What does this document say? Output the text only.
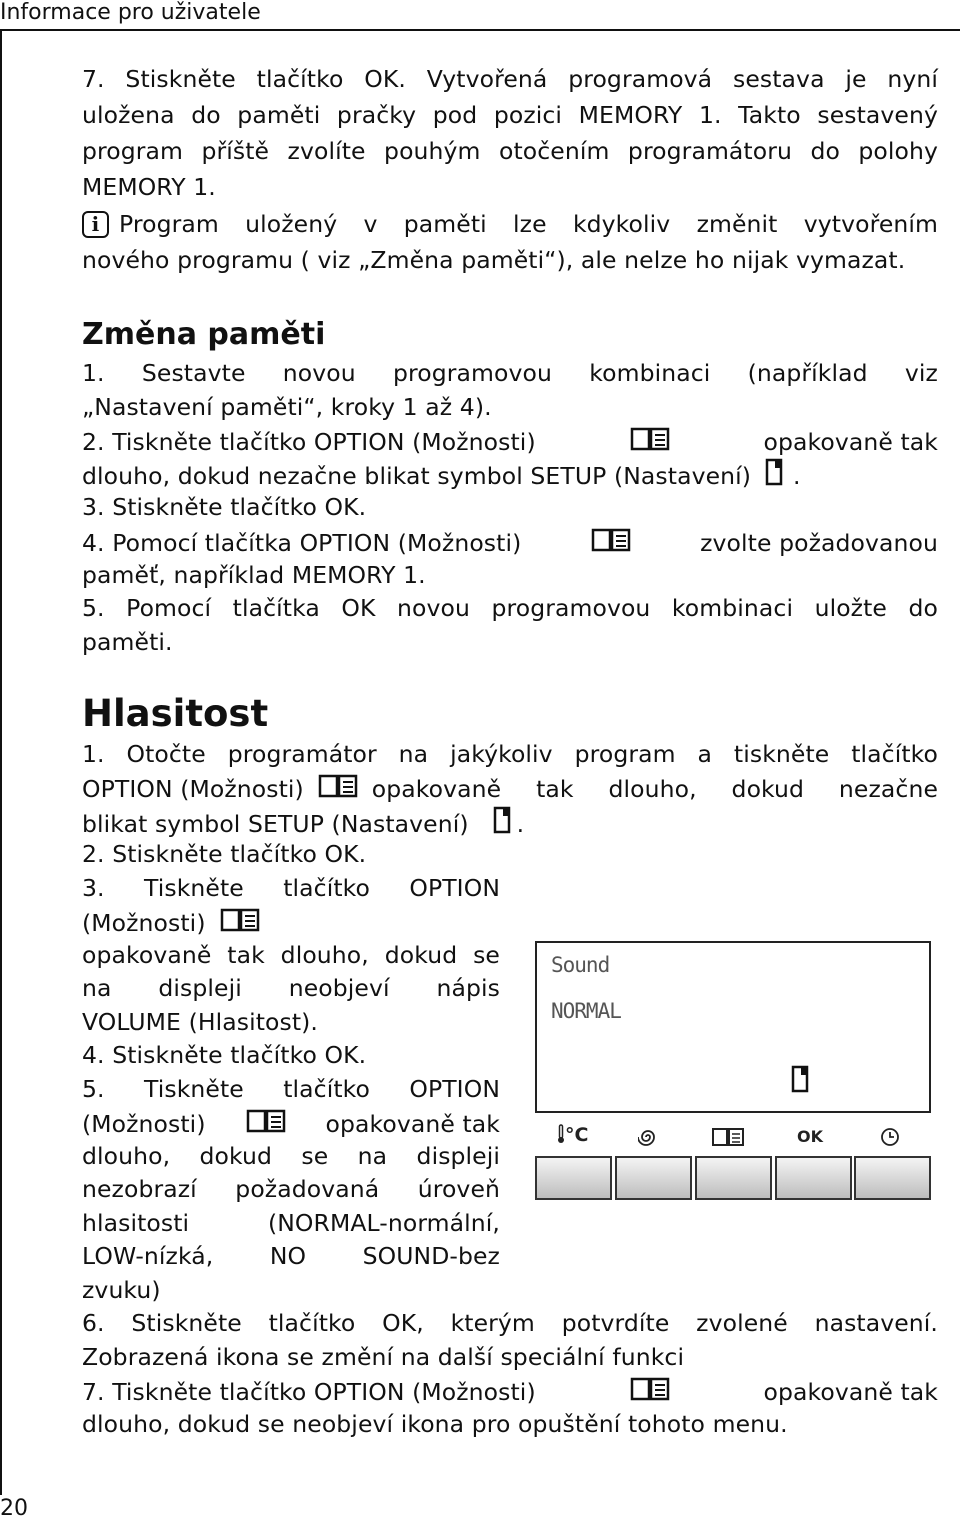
Informace pro uživatele
20
7. Stiskněte tlačítko OK. Vytvořená programová sestava je nyní
uložena do paměti pračky pod pozici MEMORY 1. Takto sestavený
program příště zvolíte pouhým otočením programátoru do polohy
MEMORY 1.
i Program uložený v paměti lze kdykoliv změnit vytvořením
nového programu ( viz „Změna paměti“), ale nelze ho nijak vymazat.
Změna paměti
1. Sestavte novou programovou kombinaci (například viz
„Nastavení paměti“, kroky 1 až 4).
2. Tiskněte tlačítko OPTION (Možnosti)	opakovaně tak
dlouho, dokud nezačne blikat symbol SETUP (Nastavení) .
3. Stiskněte tlačítko OK.
4. Pomocí tlačítka OPTION (Možnosti)	zvolte požadovanou
paměť, například MEMORY 1.
5. Pomocí tlačítka OK novou programovou kombinaci uložte do
paměti.
Hlasitost
1. Otočte programátor na jakýkoliv program a tiskněte tlačítko
OPTION (Možnosti)	opakovaně tak dlouho, dokud nezačne
blikat symbol SETUP (Nastavení) .
2. Stiskněte tlačítko OK.
3. Tiskněte tlačítko OPTION
(Možnosti)
opakovaně tak dlouho, dokud se
na displeji neobjeví nápis
VOLUME (Hlasitost).
4. Stiskněte tlačítko OK.
5. Tiskněte tlačítko OPTION
(Možnosti)	opakovaně tak
dlouho, dokud se na displeji
nezobrazí požadovaná úroveň
hlasitosti (NORMAL-normální,
LOW-nízká, NO SOUND-bez
zvuku)
6. Stiskněte tlačítko OK, kterým potvrdíte zvolené nastavení.
Zobrazená ikona se změní na další speciální funkci
7. Tiskněte tlačítko OPTION (Možnosti)	opakovaně tak
dlouho, dokud se neobjeví ikona pro opuštění tohoto menu.
Sound
NORMAL
°C	OK
